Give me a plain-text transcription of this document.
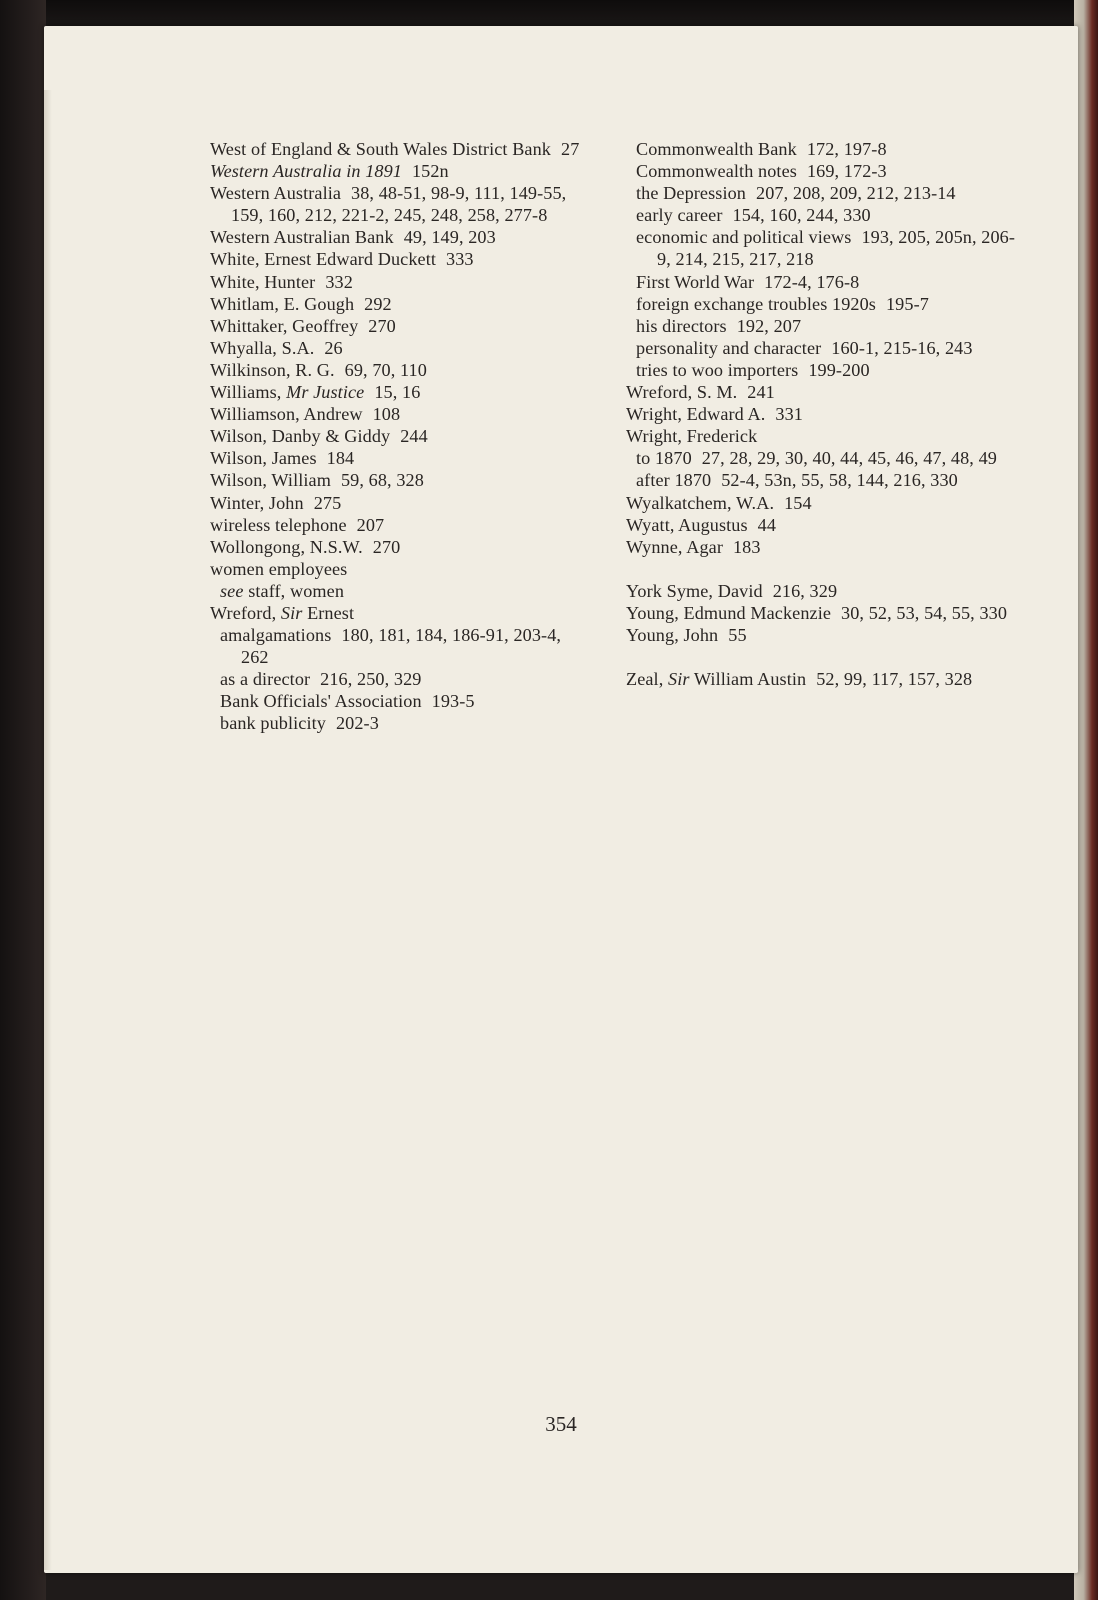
West of England & South Wales District Bank 27
Western Australia in 1891 152n
Western Australia 38, 48-51, 98-9, 111, 149-55, 159, 160, 212, 221-2, 245, 248, 258, 277-8
Western Australian Bank 49, 149, 203
White, Ernest Edward Duckett 333
White, Hunter 332
Whitlam, E. Gough 292
Whittaker, Geoffrey 270
Whyalla, S.A. 26
Wilkinson, R. G. 69, 70, 110
Williams, Mr Justice 15, 16
Williamson, Andrew 108
Wilson, Danby & Giddy 244
Wilson, James 184
Wilson, William 59, 68, 328
Winter, John 275
wireless telephone 207
Wollongong, N.S.W. 270
women employees
see staff, women
Wreford, Sir Ernest
amalgamations 180, 181, 184, 186-91, 203-4, 262
as a director 216, 250, 329
Bank Officials' Association 193-5
bank publicity 202-3
Commonwealth Bank 172, 197-8
Commonwealth notes 169, 172-3
the Depression 207, 208, 209, 212, 213-14
early career 154, 160, 244, 330
economic and political views 193, 205, 205n, 206-9, 214, 215, 217, 218
First World War 172-4, 176-8
foreign exchange troubles 1920s 195-7
his directors 192, 207
personality and character 160-1, 215-16, 243
tries to woo importers 199-200
Wreford, S. M. 241
Wright, Edward A. 331
Wright, Frederick
to 1870 27, 28, 29, 30, 40, 44, 45, 46, 47, 48, 49
after 1870 52-4, 53n, 55, 58, 144, 216, 330
Wyalkatchem, W.A. 154
Wyatt, Augustus 44
Wynne, Agar 183
York Syme, David 216, 329
Young, Edmund Mackenzie 30, 52, 53, 54, 55, 330
Young, John 55
Zeal, Sir William Austin 52, 99, 117, 157, 328
354
